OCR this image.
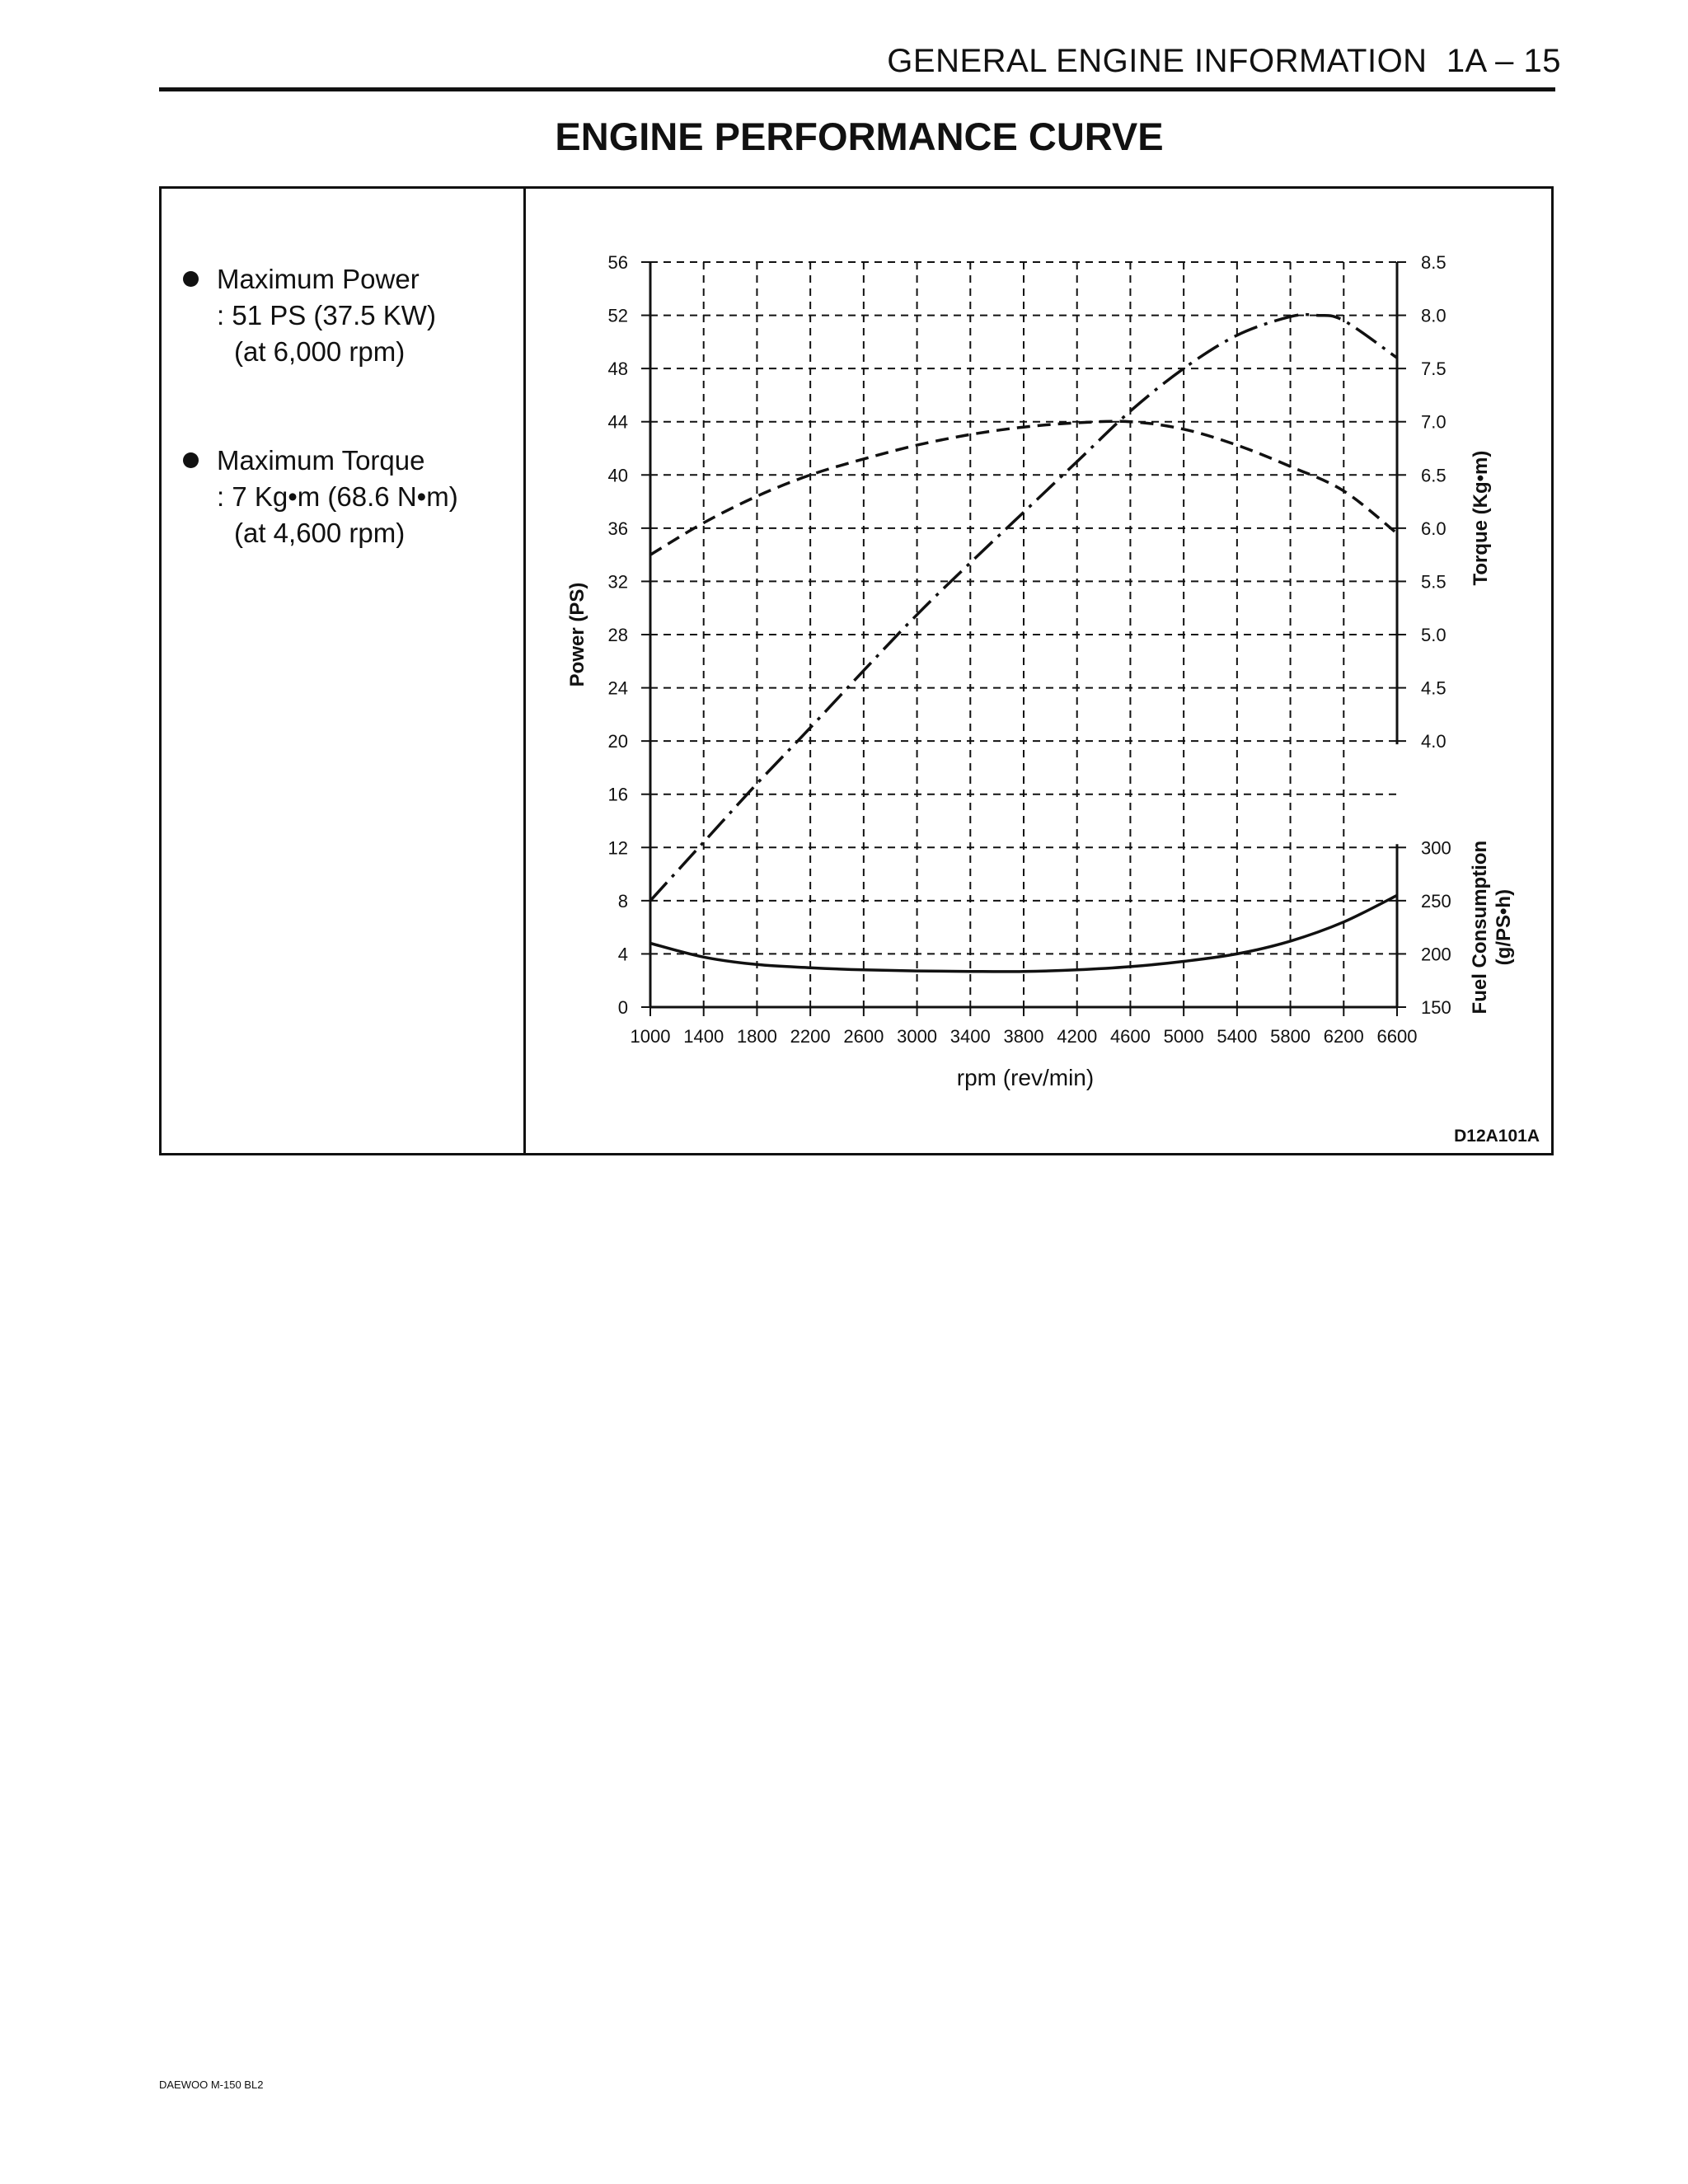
GENERAL ENGINE INFORMATION 1A – 15
ENGINE PERFORMANCE CURVE
Maximum Power
: 51 PS (37.5 KW)
(at 6,000 rpm)
Maximum Torque
: 7 Kg•m (68.6 N•m)
(at 4,600 rpm)
1000 1400 1800 2200 2600 3000 3400 3800 4200 4600 5000 5400 5800 6200 6600
rpm (rev/min)
0
4
8
12
16
20
24
28
32
36
40
44
48
52
56
Power (PS)
4.0
4.5
5.0
5.5
6.0
6.5
7.0
7.5
8.0
8.5
Torque (Kg•m)
150
200
250
300 Fuel Consumption (g/PS•h)
D12A101A
DAEWOO M-150 BL2
